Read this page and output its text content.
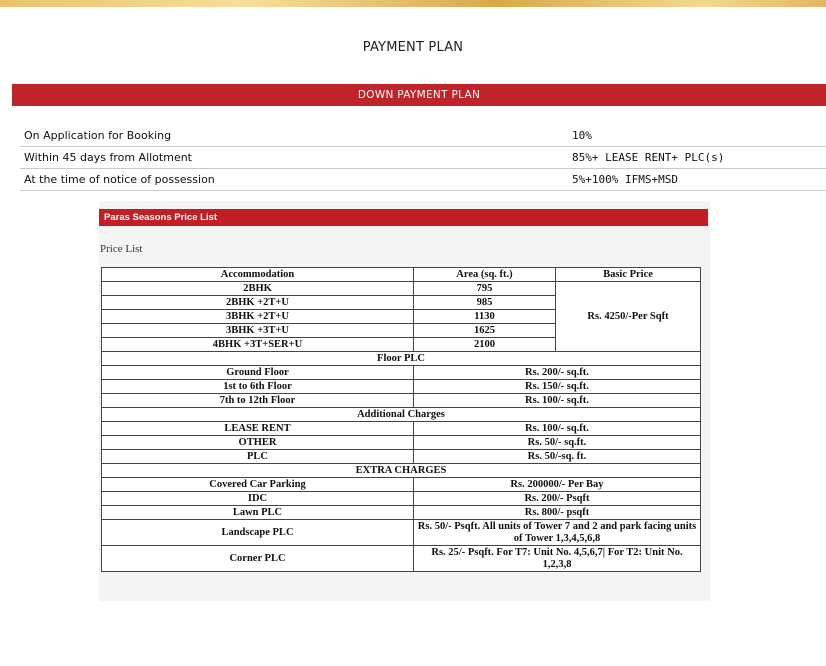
PAYMENT PLAN
DOWN PAYMENT PLAN
On Application for Booking	10%
Within 45 days from Allotment	85%+ LEASE RENT+ PLC(s)
At the time of notice of possession	5%+100% IFMS+MSD
Paras Seasons Price List
Price List
Accommodation	Area (sq. ft.)	Basic Price
2BHK	795	Rs. 4250/-Per Sqft
2BHK +2T+U	985	
3BHK +2T+U	1130	
3BHK +3T+U	1625	
4BHK +3T+SER+U	2100	
Floor PLC		
Ground Floor	Rs. 200/- sq.ft.	
1st to 6th Floor	Rs. 150/- sq.ft.	
7th to 12th Floor	Rs. 100/- sq.ft.	
Additional Charges		
LEASE RENT	Rs. 100/- sq.ft.	
OTHER	Rs. 50/- sq.ft.	
PLC	Rs. 50/-sq. ft.	
EXTRA CHARGES		
Covered Car Parking	Rs. 200000/- Per Bay	
IDC	Rs. 200/- Psqft	
Lawn PLC	Rs. 800/- psqft	
Landscape PLC	Rs. 50/- Psqft. All units of Tower 7 and 2 and park facing units of Tower 1,3,4,5,6,8	
Corner PLC	Rs. 25/- Psqft. For T7: Unit No. 4,5,6,7| For T2: Unit No. 1,2,3,8	
